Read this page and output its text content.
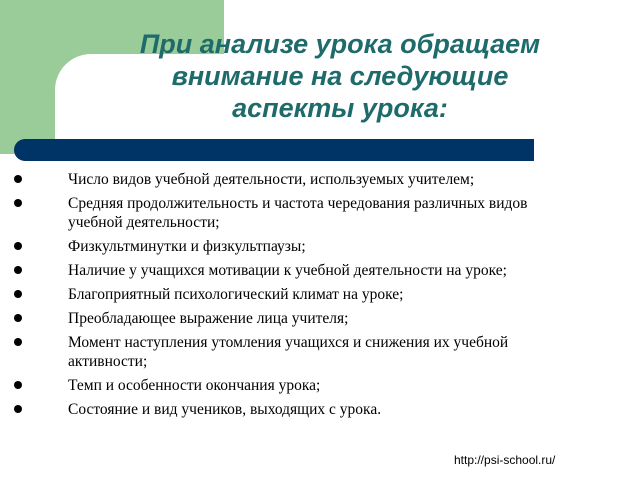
При анализе урока обращаем
внимание на следующие
аспекты урока:
Число видов учебной деятельности, используемых учителем;
Средняя продолжительность и частота чередования различных видов учебной деятельности;
Физкультминутки и физкультпаузы;
Наличие у учащихся мотивации к учебной деятельности на уроке;
Благоприятный психологический климат на уроке;
Преобладающее выражение лица учителя;
Момент наступления утомления учащихся и снижения их учебной активности;
Темп и особенности окончания урока;
Состояние и вид учеников, выходящих с урока.
http://psi-school.ru/
